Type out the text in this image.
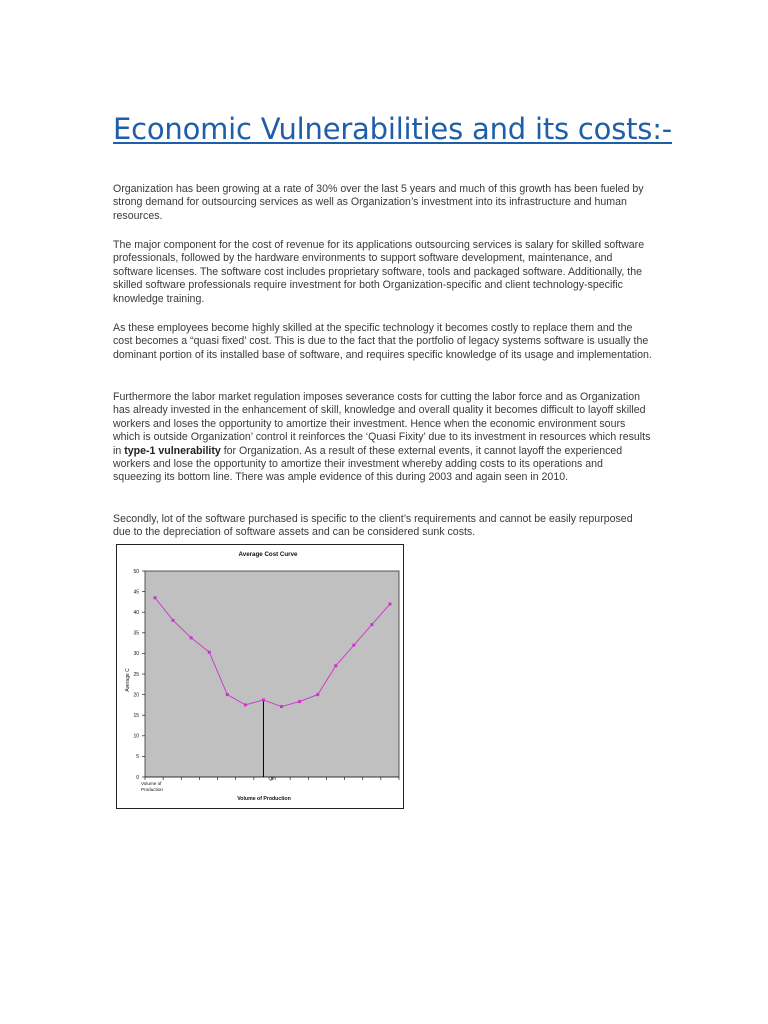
Economic Vulnerabilities and its costs:-

Organization has been growing at a rate of 30% over the last 5 years and much of this growth has been fueled by strong demand for outsourcing services as well as Organization’s investment into its infrastructure and human resources.

The major component for the cost of revenue for its applications outsourcing services is salary for skilled software professionals, followed by the hardware environments to support software development, maintenance, and software licenses. The software cost includes proprietary software, tools and packaged software. Additionally, the skilled software professionals require investment for both Organization-specific and client technology-specific knowledge training.

As these employees become highly skilled at the specific technology it becomes costly to replace them and the cost becomes a “quasi fixed’ cost. This is due to the fact that the portfolio of legacy systems software is usually the dominant portion of its installed base of software, and requires specific knowledge of its usage and implementation.

Furthermore the labor market regulation imposes severance costs for cutting the labor force and as Organization has already invested in the enhancement of skill, knowledge and overall quality it becomes difficult to layoff skilled workers and loses the opportunity to amortize their investment. Hence when the economic environment sours which is outside Organization’ control it reinforces the ‘Quasi Fixity’ due to its investment in resources which results in type-1 vulnerability for Organization. As a result of these external events, it cannot layoff the experienced workers and lose the opportunity to amortize their investment whereby adding costs to its operations and squeezing its bottom line. There was ample evidence of this during 2003 and again seen in 2010.

Secondly, lot of the software purchased is specific to the client’s requirements and cannot be easily repurposed due to the depreciation of software assets and can be considered sunk costs.

Average Cost Curve
0
5
10
15
20
25
30
35
40
45
50
Average C
Volume of
Production
Qm
Volume of Production
